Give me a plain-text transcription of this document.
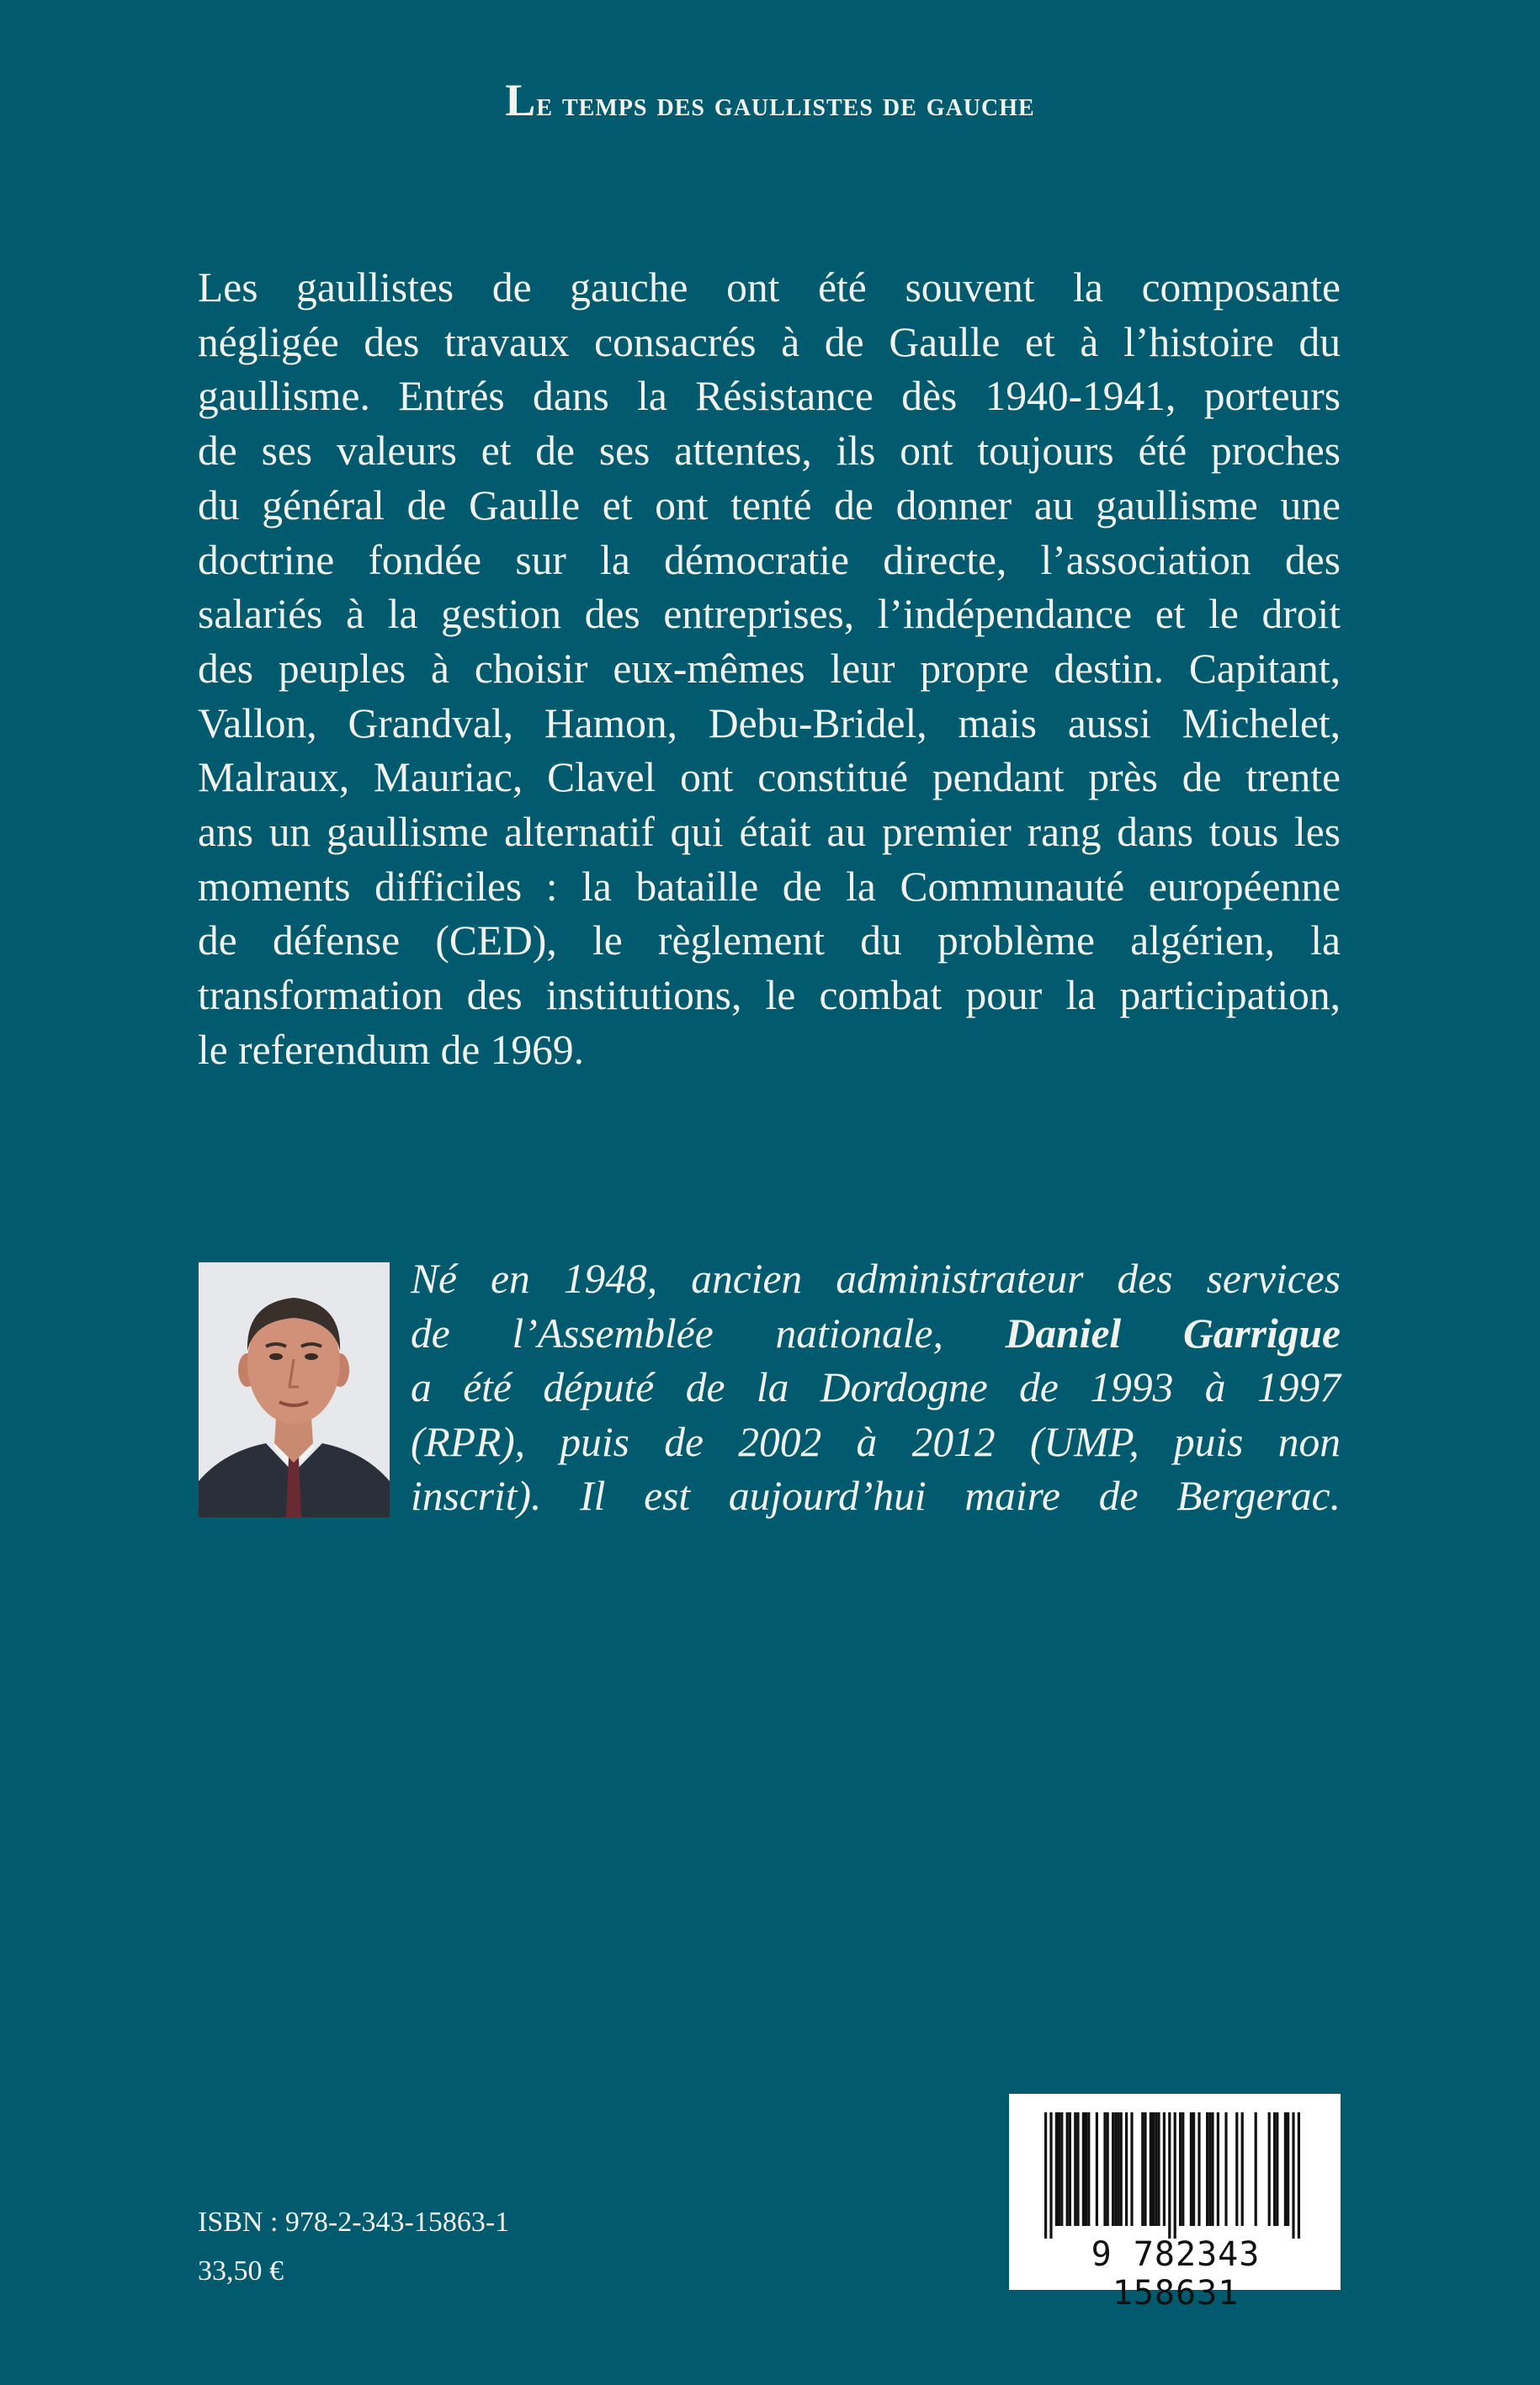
Le temps des gaullistes de gauche
Les gaullistes de gauche ont été souvent la composante
négligée des travaux consacrés à de Gaulle et à l’histoire du
gaullisme. Entrés dans la Résistance dès 1940-1941, porteurs
de ses valeurs et de ses attentes, ils ont toujours été proches
du général de Gaulle et ont tenté de donner au gaullisme une
doctrine fondée sur la démocratie directe, l’association des
salariés à la gestion des entreprises, l’indépendance et le droit
des peuples à choisir eux-mêmes leur propre destin. Capitant,
Vallon, Grandval, Hamon, Debu-Bridel, mais aussi Michelet,
Malraux, Mauriac, Clavel ont constitué pendant près de trente
ans un gaullisme alternatif qui était au premier rang dans tous les
moments difficiles : la bataille de la Communauté européenne
de défense (CED), le règlement du problème algérien, la
transformation des institutions, le combat pour la participation,
le referendum de 1969.
Né en 1948, ancien administrateur des services
de l’Assemblée nationale, Daniel Garrigue
a été député de la Dordogne de 1993 à 1997
(RPR), puis de 2002 à 2012 (UMP, puis non
inscrit). Il est aujourd’hui maire de Bergerac.
ISBN : 978-2-343-15863-1
33,50 €	9 782343 158631
